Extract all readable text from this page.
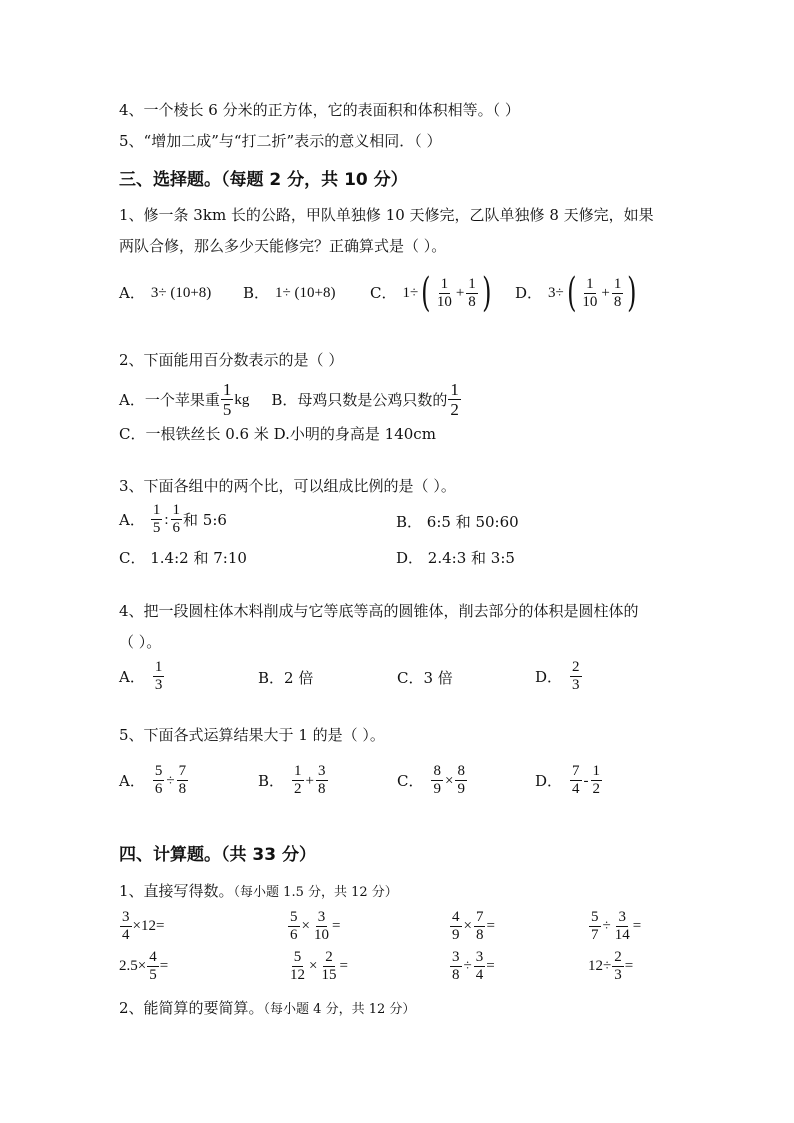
4、一个棱长 6 分米的正方体，它的表面积和体积相等。（ ）
5、“增加二成”与“打二折”表示的意义相同．（ ）
三、选择题。（每题 2 分，共 10 分）
1、修一条 3km 长的公路，甲队单独修 10 天修完，乙队单独修 8 天修完，如果
两队合修，那么多少天能修完？正确算式是（ ）。
A． 3÷ (10+8) B． 1÷ (10+8) C． 1÷ ( $\frac{1}{10} + \frac{1}{8}$ ) D． 3÷ ( $\frac{1}{10} + \frac{1}{8}$ )
2、下面能用百分数表示的是（ ）
A．一个苹果重 $\frac{1}{5}$ kg B．母鸡只数是公鸡只数的 $\frac{1}{2}$
C．一根铁丝长 0.6 米 D.小明的身高是 140cm
3、下面各组中的两个比，可以组成比例的是（ ）。
A． $\frac{1}{5}$ : $\frac{1}{6}$ 和 5:6	B． 6:5 和 50:60
C． 1.4:2 和 7:10	D． 2.4:3 和 3:5
4、把一段圆柱体木料削成与它等底等高的圆锥体，削去部分的体积是圆柱体的
（ ）。
A． $\frac{1}{3}$	B．2 倍	C．3 倍	D． $\frac{2}{3}$
5、下面各式运算结果大于 1 的是（ ）。
A． $\frac{5}{6} \div \frac{7}{8}$	B． $\frac{1}{2} + \frac{3}{8}$	C． $\frac{8}{9} \times \frac{8}{9}$	D． $\frac{7}{4} - \frac{1}{2}$
四、计算题。（共 33 分）
1、直接写得数。（每小题 1.5 分，共 12 分）
$\frac{3}{4} \times 12=$	$\frac{5}{6} \times \frac{3}{10}$ =	$\frac{4}{9} \times \frac{7}{8}$ =	$\frac{5}{7} \div \frac{3}{14}$ =
$2.5\times \frac{4}{5}$ =	$\frac{5}{12} \times \frac{2}{15}$ =	$\frac{3}{8} \div \frac{3}{4}$ =	$12\div \frac{2}{3}$ =
2、能简算的要简算。（每小题 4 分，共 12 分）
